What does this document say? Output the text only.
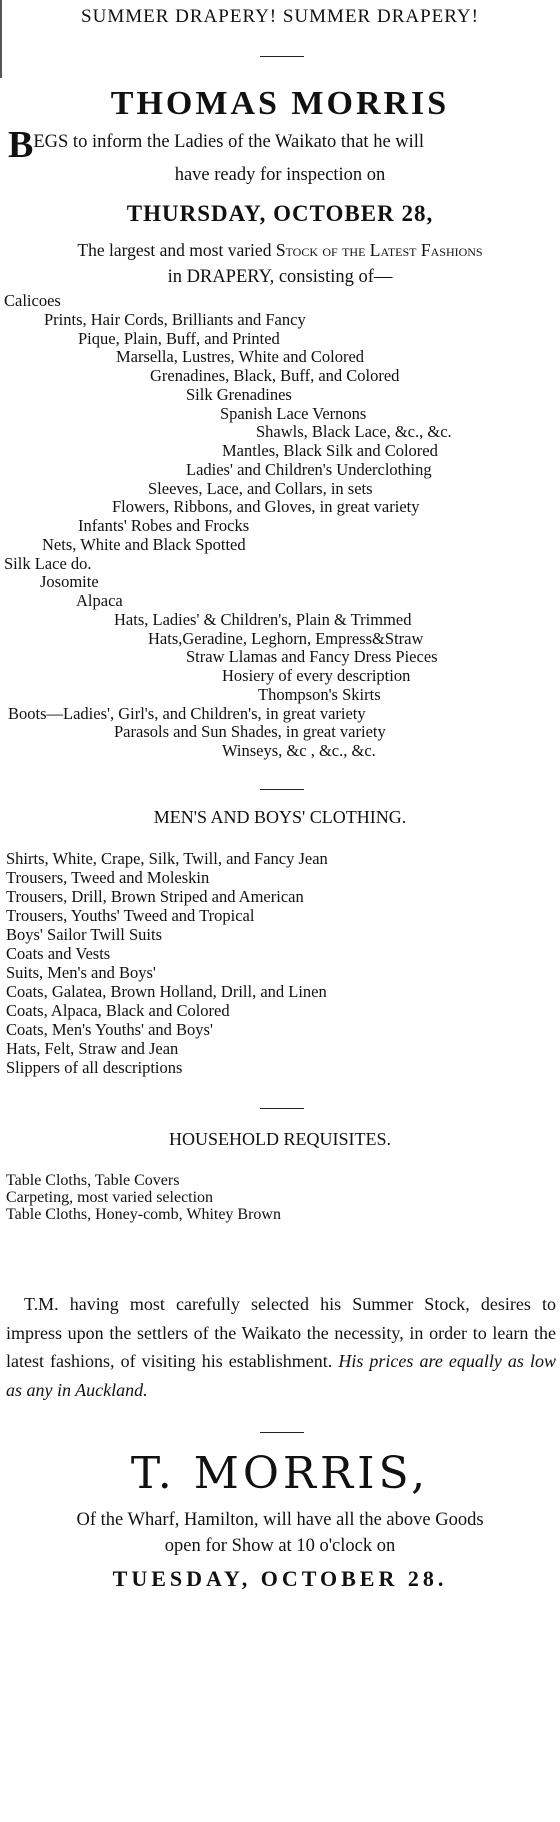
SUMMER DRAPERY! SUMMER DRAPERY!
THOMAS MORRIS
BEGS to inform the Ladies of the Waikato that he will
have ready for inspection on
THURSDAY, OCTOBER 28,
The largest and most varied Stock of the Latest Fashions
in DRAPERY, consisting of—
Calicoes
Prints, Hair Cords, Brilliants and Fancy
Pique, Plain, Buff, and Printed
Marsella, Lustres, White and Colored
Grenadines, Black, Buff, and Colored
Silk Grenadines
Spanish Lace Vernons
Shawls, Black Lace, &c., &c.
Mantles, Black Silk and Colored
Ladies' and Children's Underclothing
Sleeves, Lace, and Collars, in sets
Flowers, Ribbons, and Gloves, in great variety
Infants' Robes and Frocks
Nets, White and Black Spotted
Silk Lace do.
Josomite
Alpaca
Hats, Ladies' & Children's, Plain & Trimmed
Hats,Geradine, Leghorn, Empress&Straw
Straw Llamas and Fancy Dress Pieces
Hosiery of every description
Thompson's Skirts
Boots—Ladies', Girl's, and Children's, in great variety
Parasols and Sun Shades, in great variety
Winseys, &c , &c., &c.
MEN'S AND BOYS' CLOTHING.
Shirts, White, Crape, Silk, Twill, and Fancy Jean
Trousers, Tweed and Moleskin
Trousers, Drill, Brown Striped and American
Trousers, Youths' Tweed and Tropical
Boys' Sailor Twill Suits
Coats and Vests
Suits, Men's and Boys'
Coats, Galatea, Brown Holland, Drill, and Linen
Coats, Alpaca, Black and Colored
Coats, Men's Youths' and Boys'
Hats, Felt, Straw and Jean
Slippers of all descriptions
HOUSEHOLD REQUISITES.
Table Cloths, Table Covers
Carpeting, most varied selection
Table Cloths, Honey-comb, Whitey Brown
T.M. having most carefully selected his Summer Stock, desires to impress upon the settlers of the Waikato the necessity, in order to learn the latest fashions, of visiting his establishment. His prices are equally as low as any in Auckland.
T. MORRIS,
Of the Wharf, Hamilton, will have all the above Goods
open for Show at 10 o'clock on
TUESDAY, OCTOBER 28.
